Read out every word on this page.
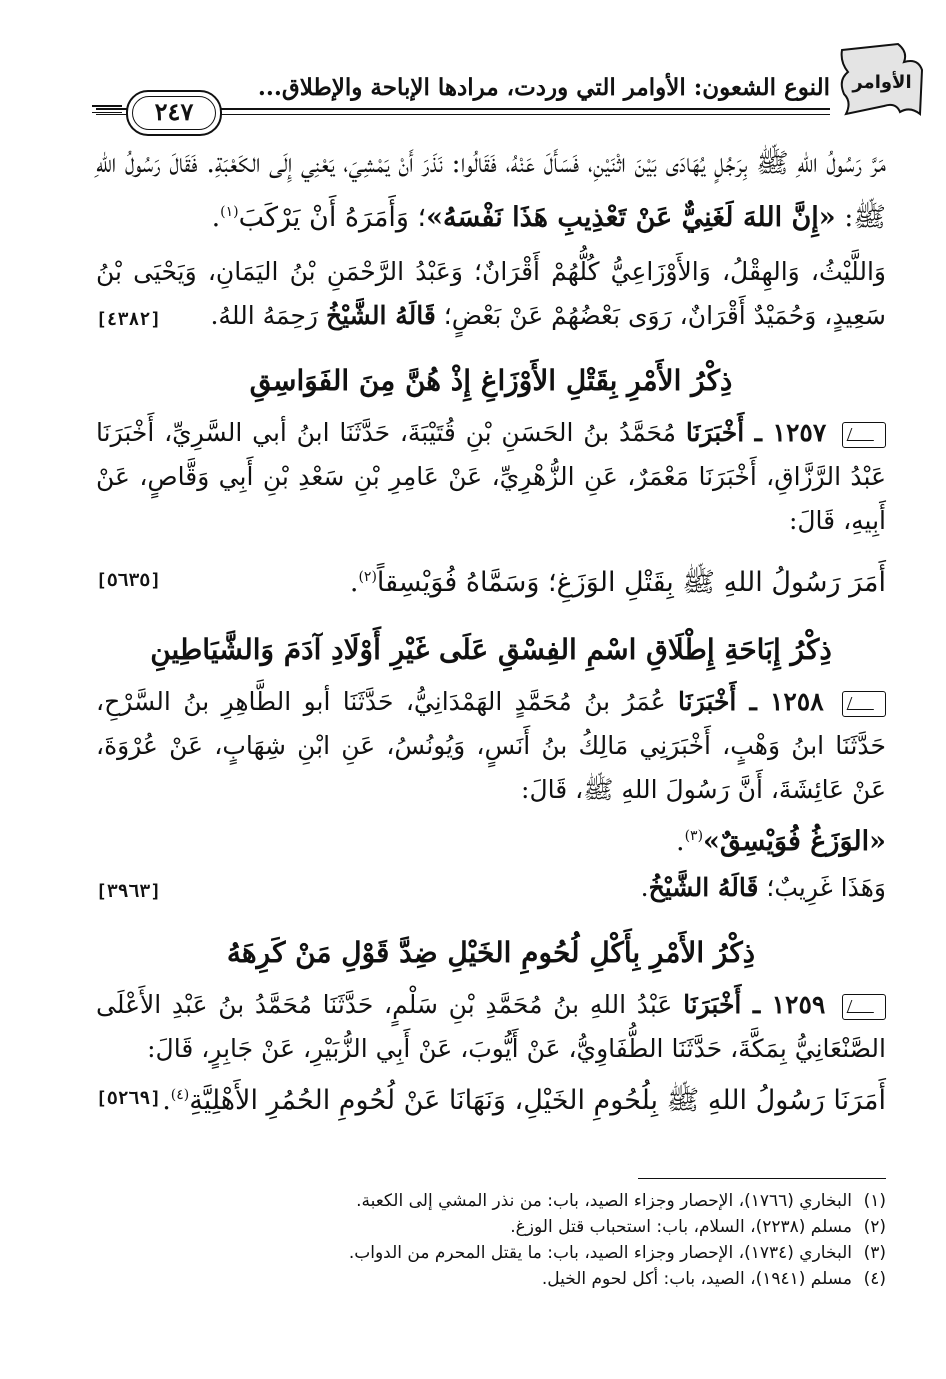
الأوامر
النوع الشعون: الأوامر التي وردت، مرادها الإباحة والإطلاق...
٢٤٧

مَرَّ رَسُولُ اللهِ ﷺ بِرَجُلٍ يُهَادَى بَيْنَ اثْنَيْنِ، فَسَأَلَ عَنْهُ، فَقَالُوا: نَذَرَ أَنْ يَمْشِيَ، يَعْنِي إِلَى الكَعْبَةِ. فَقَالَ رَسُولُ اللهِ ﷺ: «إِنَّ اللهَ لَغَنِيٌّ عَنْ تَعْذِيبِ هَذَا نَفْسَهُ»؛ وَأَمَرَهُ أَنْ يَرْكَبَ$^{(١)}$.

وَاللَّيْثُ، وَالهِقْلُ، وَالأَوْزَاعِيُّ كُلُّهُمْ أَقْرَانٌ؛ وَعَبْدُ الرَّحْمَنِ بْنُ اليَمَانِ، وَيَحْيَى بْنُ سَعِيدٍ، وَحُمَيْدٌ أَقْرَانٌ، رَوَى بَعْضُهُمْ عَنْ بَعْضٍ؛ قَالَهُ الشَّيْخُ رَحِمَهُ اللهُ.
[٤٣٨٢]

ذِكْرُ الأَمْرِ بِقَتْلِ الأَوْزَاغِ إِذْ هُنَّ مِنَ الفَوَاسِقِ

١٢٥٧ ـ أَخْبَرَنَا مُحَمَّدُ بنُ الحَسَنِ بْنِ قُتَيْبَةَ، حَدَّثَنَا ابنُ أبي السَّرِيِّ، أَخْبَرَنَا عَبْدُ الرَّزَّاقِ، أَخْبَرَنَا مَعْمَرٌ، عَنِ الزُّهْرِيِّ، عَنْ عَامِرِ بْنِ سَعْدِ بْنِ أَبِي وَقَّاصٍ، عَنْ أَبِيهِ، قَالَ:

أَمَرَ رَسُولُ اللهِ ﷺ بِقَتْلِ الوَزَغِ؛ وَسَمَّاهُ فُوَيْسِقاً$^{(٢)}$.
[٥٦٣٥]

ذِكْرُ إِبَاحَةِ إِطْلَاقِ اسْمِ الفِسْقِ عَلَى غَيْرِ أَوْلَادِ آدَمَ وَالشَّيَاطِينِ

١٢٥٨ ـ أَخْبَرَنَا عُمَرُ بنُ مُحَمَّدٍ الهَمْدَانِيُّ، حَدَّثَنَا أبو الطَّاهِرِ بنُ السَّرْحِ، حَدَّثَنَا ابنُ وَهْبٍ، أَخْبَرَنِي مَالِكُ بنُ أَنَسٍ، وَيُونُسُ، عَنِ ابْنِ شِهَابٍ، عَنْ عُرْوَةَ، عَنْ عَائِشَةَ، أَنَّ رَسُولَ اللهِ ﷺ، قَالَ:

«الوَزَغُ فُوَيْسِقٌ»$^{(٣)}$.

وَهَذَا غَرِيبٌ؛ قَالَهُ الشَّيْخُ.
[٣٩٦٣]

ذِكْرُ الأَمْرِ بِأَكْلِ لُحُومِ الخَيْلِ ضِدَّ قَوْلِ مَنْ كَرِهَهُ

١٢٥٩ ـ أَخْبَرَنَا عَبْدُ اللهِ بنُ مُحَمَّدِ بْنِ سَلْمٍ، حَدَّثَنَا مُحَمَّدُ بنُ عَبْدِ الأَعْلَى الصَّنْعَانِيُّ بِمَكَّةَ، حَدَّثَنَا الطُّفَاوِيُّ، عَنْ أَيُّوبَ، عَنْ أَبِي الزُّبَيْرِ، عَنْ جَابِرٍ، قَالَ:

أَمَرَنَا رَسُولُ اللهِ ﷺ بِلُحُومِ الخَيْلِ، وَنَهَانَا عَنْ لُحُومِ الحُمُرِ الأَهْلِيَّةِ$^{(٤)}$.
[٥٢٦٩]

(١)البخاري (١٧٦٦)، الإحصار وجزاء الصيد، باب: من نذر المشي إلى الكعبة.

(٢)مسلم (٢٢٣٨)، السلام، باب: استحباب قتل الوزغ.

(٣)البخاري (١٧٣٤)، الإحصار وجزاء الصيد، باب: ما يقتل المحرم من الدواب.

(٤)مسلم (١٩٤١)، الصيد، باب: أكل لحوم الخيل.
